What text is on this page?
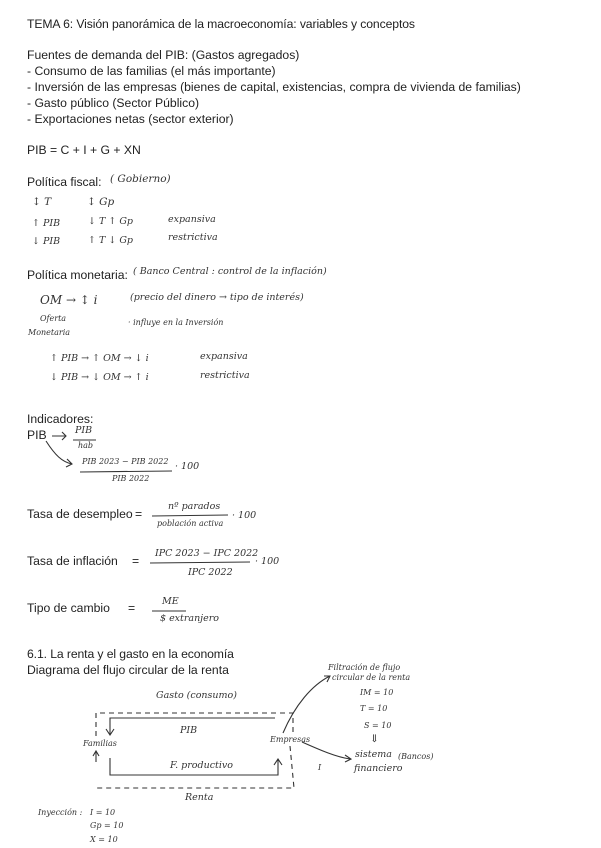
TEMA 6: Visión panorámica de la macroeconomía: variables y conceptos
Fuentes de demanda del PIB: (Gastos agregados)
- Consumo de las familias (el más importante)
- Inversión de las empresas (bienes de capital, existencias, compra de vivienda de familias)
- Gasto público (Sector Público)
- Exportaciones netas (sector exterior)
PIB = C + I + G + XN
Política fiscal: ( Gobierno)
↕ T	↕ Gp
↑ PIB	↓ T ↑ Gp	expansiva
↓ PIB	↑ T ↓ Gp	restrictiva
Política monetaria: ( Banco Central : control de la inflación)
OM → ↕ i	(precio del dinero → tipo de interés)
Oferta
Monetaria
· influye en la Inversión
↑ PIB → ↑ OM → ↓ i	expansiva
↓ PIB → ↓ OM → ↑ i	restrictiva
Indicadores:
PIB	PIB
hab
PIB 2023 − PIB 2022
PIB 2022
· 100
Tasa de desempleo =
nº parados
población activa
· 100
Tasa de inflación =
IPC 2023 − IPC 2022
IPC 2022
· 100
Tipo de cambio =	ME
$ extranjero
6.1. La renta y el gasto en la economía
Diagrama del flujo circular de la renta
Gasto (consumo)
PIB
Familias	Empresas
F. productivo
Renta
Filtración de flujo
circular de la renta
IM = 10
T = 10
S = 10
⇓
sistema
financiero
(Bancos)
I
Inyección : I = 10
Gp = 10
X = 10
